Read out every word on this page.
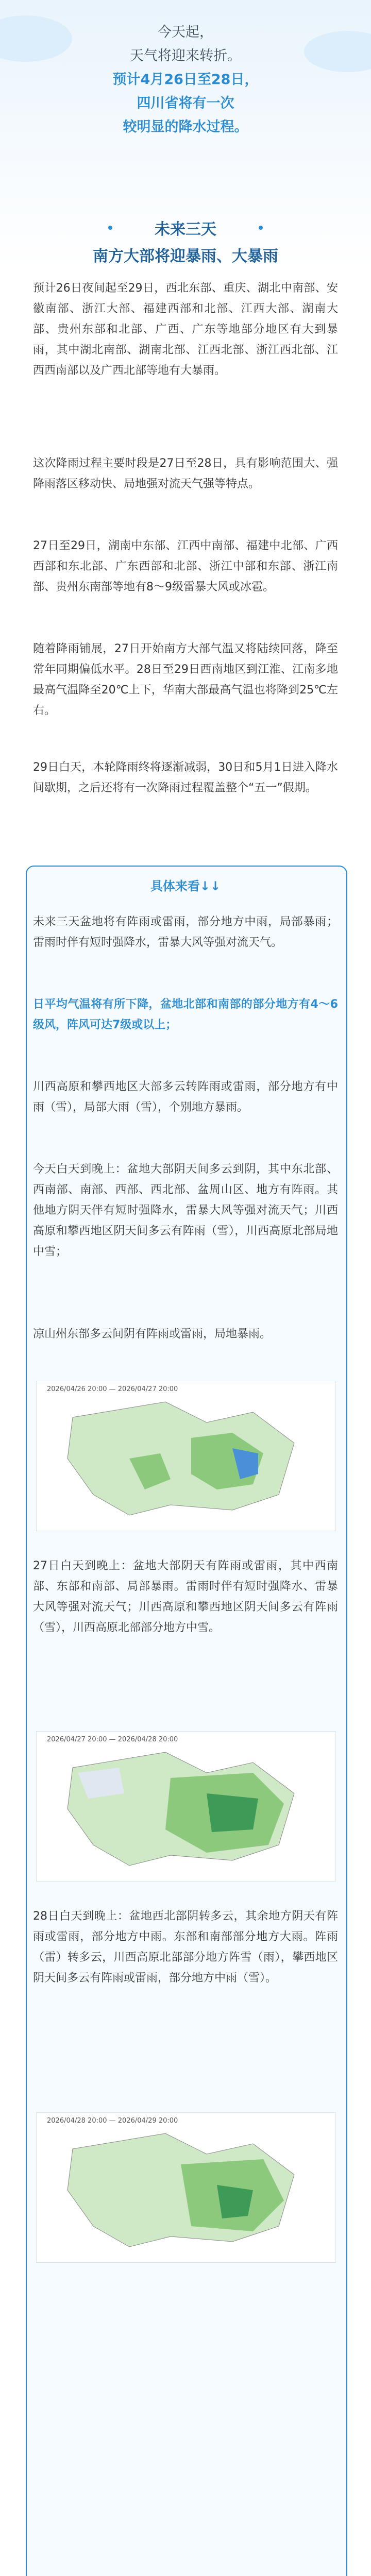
今天起，
天气将迎来转折。
预计4月26日至28日，
四川省将有一次
较明显的降水过程。
未来三天
南方大部将迎暴雨、大暴雨
预计26日夜间起至29日，西北东部、重庆、湖北中南部、安徽南部、浙江大部、福建西部和北部、江西大部、湖南大部、贵州东部和北部、广西、广东等地部分地区有大到暴雨，其中湖北南部、湖南北部、江西北部、浙江西北部、江西西南部以及广西北部等地有大暴雨。
这次降雨过程主要时段是27日至28日，具有影响范围大、强降雨落区移动快、局地强对流天气强等特点。
27日至29日，湖南中东部、江西中南部、福建中北部、广西西部和东北部、广东西部和北部、浙江中部和东部、浙江南部、贵州东南部等地有8～9级雷暴大风或冰雹。
随着降雨铺展，27日开始南方大部气温又将陆续回落，降至常年同期偏低水平。28日至29日西南地区到江淮、江南多地最高气温降至20℃上下，华南大部最高气温也将降到25℃左右。
29日白天，本轮降雨终将逐渐减弱，30日和5月1日进入降水间歇期，之后还将有一次降雨过程覆盖整个“五一”假期。
具体来看↓↓
未来三天盆地将有阵雨或雷雨，部分地方中雨，局部暴雨；雷雨时伴有短时强降水，雷暴大风等强对流天气。
日平均气温将有所下降，盆地北部和南部的部分地方有4～6级风，阵风可达7级或以上；
川西高原和攀西地区大部多云转阵雨或雷雨，部分地方有中雨（雪），局部大雨（雪），个别地方暴雨。
今天白天到晚上：盆地大部阴天间多云到阴，其中东北部、西南部、南部、西部、西北部、盆周山区、地方有阵雨。其他地方阴天伴有短时强降水，雷暴大风等强对流天气；川西高原和攀西地区阴天间多云有阵雨（雪），川西高原北部局地中雪；
凉山州东部多云间阴有阵雨或雷雨，局地暴雨。
2026/04/26 20:00 — 2026/04/27 20:00
27日白天到晚上：盆地大部阴天有阵雨或雷雨，其中西南部、东部和南部、局部暴雨。雷雨时伴有短时强降水、雷暴大风等强对流天气；川西高原和攀西地区阴天间多云有阵雨（雪），川西高原北部部分地方中雪。
2026/04/27 20:00 — 2026/04/28 20:00
28日白天到晚上：盆地西北部阴转多云，其余地方阴天有阵雨或雷雨，部分地方中雨。东部和南部部分地方大雨。阵雨（雷）转多云，川西高原北部部分地方阵雪（雨），攀西地区阴天间多云有阵雨或雷雨，部分地方中雨（雪）。
2026/04/28 20:00 — 2026/04/29 20:00
